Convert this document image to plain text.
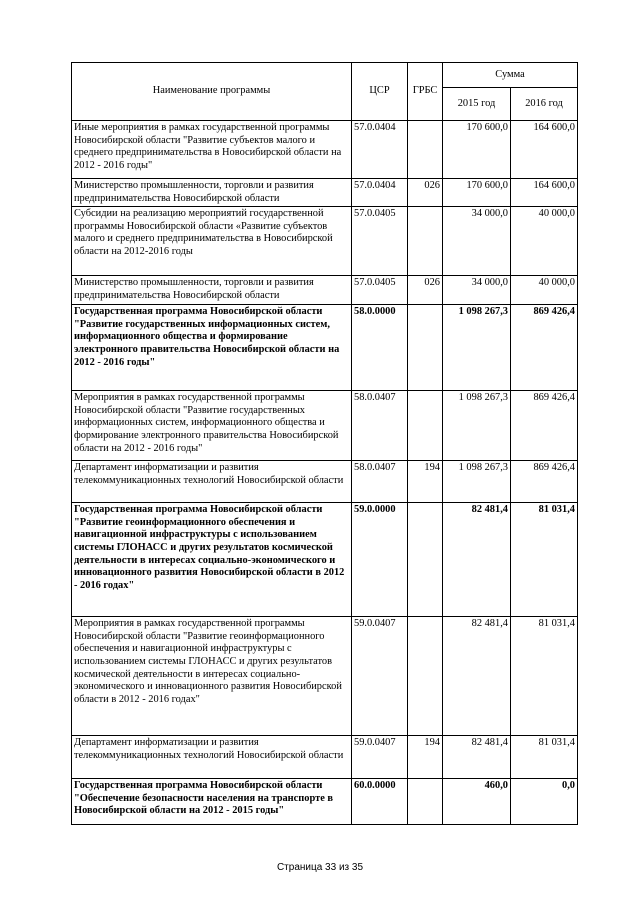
Наименование программы	ЦСР	ГРБС	Сумма	
			2015 год	2016 год
Иные мероприятия в рамках государственной программы Новосибирской области "Развитие субъектов малого и среднего предпринимательства в Новосибирской области на 2012 - 2016 годы"	57.0.0404		170 600,0	164 600,0
Министерство промышленности, торговли и развития предпринимательства Новосибирской области	57.0.0404	026	170 600,0	164 600,0
Субсидии на реализацию мероприятий государственной программы Новосибирской области «Развитие субъектов малого и среднего предпринимательства в Новосибирской области на 2012-2016 годы	57.0.0405		34 000,0	40 000,0
Министерство промышленности, торговли и развития предпринимательства Новосибирской области	57.0.0405	026	34 000,0	40 000,0
Государственная программа Новосибирской области "Развитие государственных информационных систем, информационного общества и формирование электронного правительства Новосибирской области на 2012 - 2016 годы"	58.0.0000		1 098 267,3	869 426,4
Мероприятия в рамках государственной программы Новосибирской области "Развитие государственных информационных систем, информационного общества и формирование электронного правительства Новосибирской области на 2012 - 2016 годы"	58.0.0407		1 098 267,3	869 426,4
Департамент информатизации и развития телекоммуникационных технологий Новосибирской области	58.0.0407	194	1 098 267,3	869 426,4
Государственная программа Новосибирской области "Развитие геоинформационного обеспечения и навигационной инфраструктуры с использованием системы ГЛОНАСС и других результатов космической деятельности в интересах социально-экономического и инновационного развития Новосибирской области в 2012 - 2016 годах"	59.0.0000		82 481,4	81 031,4
Мероприятия в рамках государственной программы Новосибирской области "Развитие геоинформационного обеспечения и навигационной инфраструктуры с использованием системы ГЛОНАСС и других результатов космической деятельности в интересах социально-экономического и инновационного развития Новосибирской области в 2012 - 2016 годах"	59.0.0407		82 481,4	81 031,4
Департамент информатизации и развития телекоммуникационных технологий Новосибирской области	59.0.0407	194	82 481,4	81 031,4
Государственная программа Новосибирской области "Обеспечение безопасности населения на транспорте в Новосибирской области на 2012 - 2015 годы"	60.0.0000		460,0	0,0
Страница 33 из 35
